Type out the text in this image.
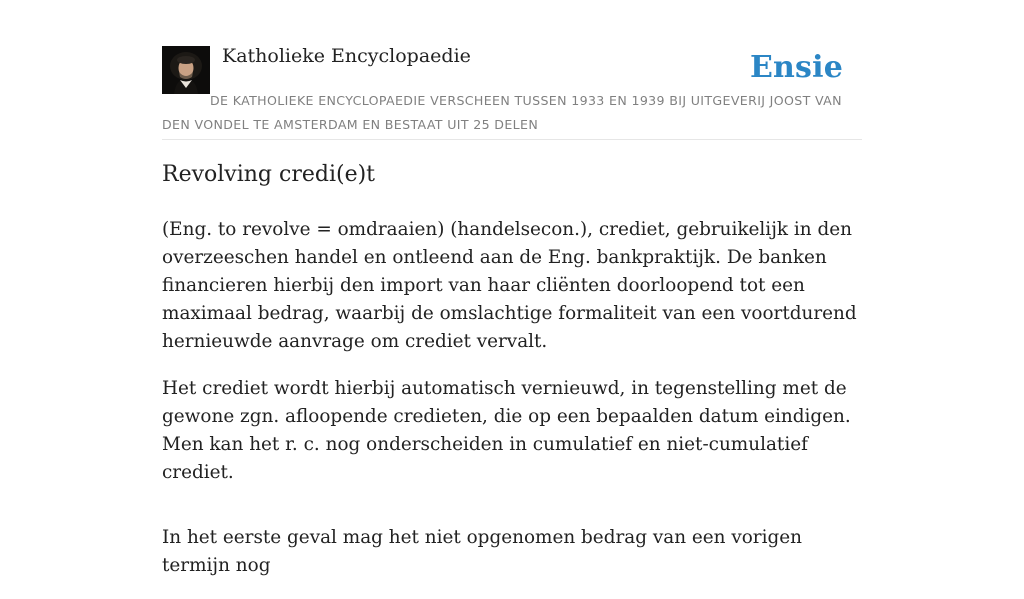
Katholieke Encyclopaedie	Ensie
DE KATHOLIEKE ENCYCLOPAEDIE VERSCHEEN TUSSEN 1933 EN 1939 BIJ UITGEVERIJ JOOST VAN DEN VONDEL TE AMSTERDAM EN BESTAAT UIT 25 DELEN
Revolving credi(e)t

(Eng. to revolve = omdraaien) (handelsecon.), crediet, gebruikelijk in den overzeeschen handel en ontleend aan de Eng. bankpraktijk. De banken financieren hierbij den import van haar cliënten doorloopend tot een maximaal bedrag, waarbij de omslachtige formaliteit van een voortdurend hernieuwde aanvrage om crediet vervalt.

Het crediet wordt hierbij automatisch vernieuwd, in tegenstelling met de gewone zgn. afloopende credieten, die op een bepaalden datum eindigen. Men kan het r. c. nog onderscheiden in cumulatief en niet-cumulatief crediet.

In het eerste geval mag het niet opgenomen bedrag van een vorigen termijn nog
